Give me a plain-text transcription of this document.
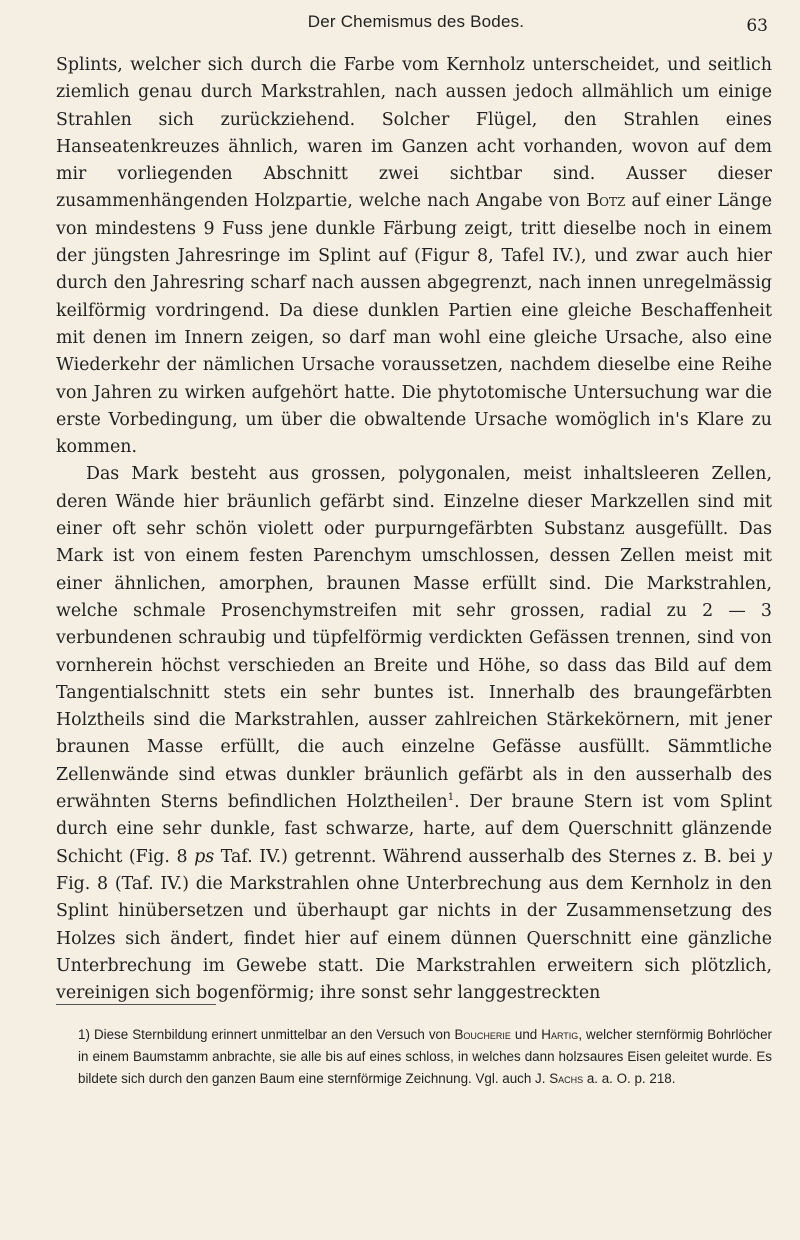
Der Chemismus des Bodes.	63

Splints, welcher sich durch die Farbe vom Kernholz unterscheidet, und seitlich ziemlich genau durch Markstrahlen, nach aussen jedoch allmählich um einige Strahlen sich zurückziehend. Solcher Flügel, den Strahlen eines Hanseatenkreuzes ähnlich, waren im Ganzen acht vorhanden, wovon auf dem mir vorliegenden Abschnitt zwei sichtbar sind. Ausser dieser zusammenhängenden Holzpartie, welche nach Angabe von Botz auf einer Länge von mindestens 9 Fuss jene dunkle Färbung zeigt, tritt dieselbe noch in einem der jüngsten Jahresringe im Splint auf (Figur 8, Tafel IV.), und zwar auch hier durch den Jahresring scharf nach aussen abgegrenzt, nach innen unregelmässig keilförmig vordringend. Da diese dunklen Partien eine gleiche Beschaffenheit mit denen im Innern zeigen, so darf man wohl eine gleiche Ursache, also eine Wiederkehr der nämlichen Ursache voraussetzen, nachdem dieselbe eine Reihe von Jahren zu wirken aufgehört hatte. Die phytotomische Untersuchung war die erste Vorbedingung, um über die obwaltende Ursache womöglich in's Klare zu kommen.

Das Mark besteht aus grossen, polygonalen, meist inhaltsleeren Zellen, deren Wände hier bräunlich gefärbt sind. Einzelne dieser Markzellen sind mit einer oft sehr schön violett oder purpurngefärbten Substanz ausgefüllt. Das Mark ist von einem festen Parenchym umschlossen, dessen Zellen meist mit einer ähnlichen, amorphen, braunen Masse erfüllt sind. Die Markstrahlen, welche schmale Prosenchymstreifen mit sehr grossen, radial zu 2 — 3 verbundenen schraubig und tüpfelförmig verdickten Gefässen trennen, sind von vornherein höchst verschieden an Breite und Höhe, so dass das Bild auf dem Tangentialschnitt stets ein sehr buntes ist. Innerhalb des braungefärbten Holztheils sind die Markstrahlen, ausser zahlreichen Stärkekörnern, mit jener braunen Masse erfüllt, die auch einzelne Gefässe ausfüllt. Sämmtliche Zellenwände sind etwas dunkler bräunlich gefärbt als in den ausserhalb des erwähnten Sterns befindlichen Holztheilen$^1$. Der braune Stern ist vom Splint durch eine sehr dunkle, fast schwarze, harte, auf dem Querschnitt glänzende Schicht (Fig. 8 ps Taf. IV.) getrennt. Während ausserhalb des Sternes z. B. bei y Fig. 8 (Taf. IV.) die Markstrahlen ohne Unterbrechung aus dem Kernholz in den Splint hinübersetzen und überhaupt gar nichts in der Zusammensetzung des Holzes sich ändert, findet hier auf einem dünnen Querschnitt eine gänzliche Unterbrechung im Gewebe statt. Die Markstrahlen erweitern sich plötzlich, vereinigen sich bogenförmig; ihre sonst sehr langgestreckten

1) Diese Sternbildung erinnert unmittelbar an den Versuch von Boucherie und Hartig, welcher sternförmig Bohrlöcher in einem Baumstamm anbrachte, sie alle bis auf eines schloss, in welches dann holzsaures Eisen geleitet wurde. Es bildete sich durch den ganzen Baum eine sternförmige Zeichnung. Vgl. auch J. Sachs a. a. O. p. 218.
